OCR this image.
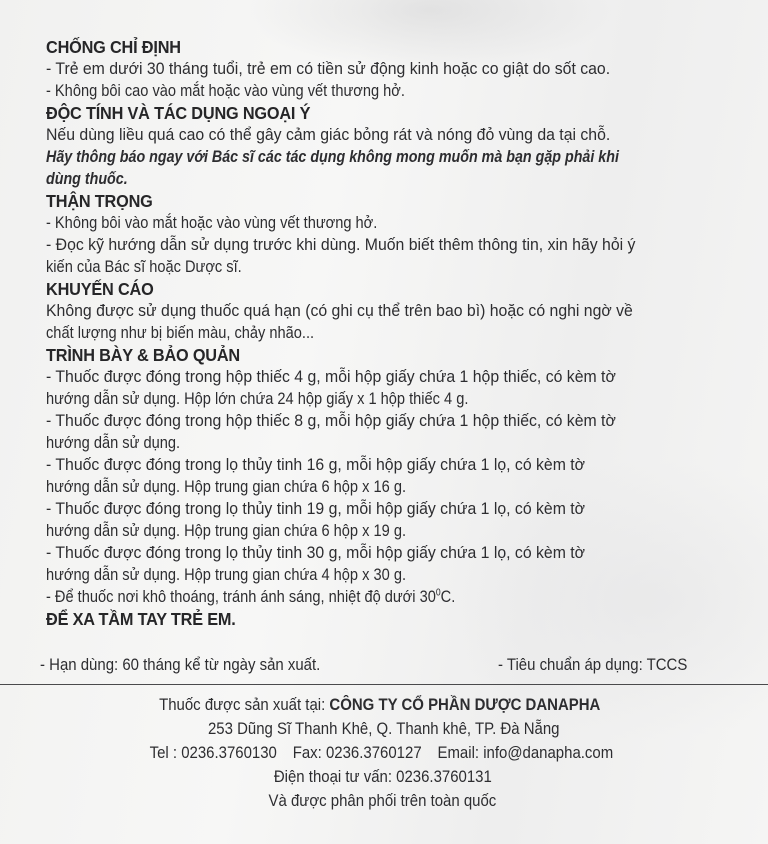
CHỐNG CHỈ ĐỊNH

- Trẻ em dưới 30 tháng tuổi, trẻ em có tiền sử động kinh hoặc co giật do sốt cao.

- Không bôi cao vào mắt hoặc vào vùng vết thương hở.

ĐỘC TÍNH VÀ TÁC DỤNG NGOẠI Ý

Nếu dùng liều quá cao có thể gây cảm giác bỏng rát và nóng đỏ vùng da tại chỗ.

Hãy thông báo ngay với Bác sĩ các tác dụng không mong muốn mà bạn gặp phải khi

dùng thuốc.

THẬN TRỌNG

- Không bôi vào mắt hoặc vào vùng vết thương hở.

- Đọc kỹ hướng dẫn sử dụng trước khi dùng. Muốn biết thêm thông tin, xin hãy hỏi ý

kiến của Bác sĩ hoặc Dược sĩ.

KHUYẾN CÁO

Không được sử dụng thuốc quá hạn (có ghi cụ thể trên bao bì) hoặc có nghi ngờ về

chất lượng như bị biến màu, chảy nhão...

TRÌNH BÀY & BẢO QUẢN

- Thuốc được đóng trong hộp thiếc 4 g, mỗi hộp giấy chứa 1 hộp thiếc, có kèm tờ

hướng dẫn sử dụng. Hộp lớn chứa 24 hộp giấy x 1 hộp thiếc 4 g.

- Thuốc được đóng trong hộp thiếc 8 g, mỗi hộp giấy chứa 1 hộp thiếc, có kèm tờ

hướng dẫn sử dụng.

- Thuốc được đóng trong lọ thủy tinh 16 g, mỗi hộp giấy chứa 1 lọ, có kèm tờ

hướng dẫn sử dụng. Hộp trung gian chứa 6 hộp x 16 g.

- Thuốc được đóng trong lọ thủy tinh 19 g, mỗi hộp giấy chứa 1 lọ, có kèm tờ

hướng dẫn sử dụng. Hộp trung gian chứa 6 hộp x 19 g.

- Thuốc được đóng trong lọ thủy tinh 30 g, mỗi hộp giấy chứa 1 lọ, có kèm tờ

hướng dẫn sử dụng. Hộp trung gian chứa 4 hộp x 30 g.

- Để thuốc nơi khô thoáng, tránh ánh sáng, nhiệt độ dưới $30^0C$.

ĐỂ XA TẦM TAY TRẺ EM.

- Hạn dùng: 60 tháng kể từ ngày sản xuất.	- Tiêu chuẩn áp dụng: TCCS
Thuốc được sản xuất tại: CÔNG TY CỔ PHẦN DƯỢC DANAPHA
253 Dũng Sĩ Thanh Khê, Q. Thanh khê, TP. Đà Nẵng
Tel : 0236.3760130 Fax: 0236.3760127 Email: info@danapha.com
Điện thoại tư vấn: 0236.3760131
Và được phân phối trên toàn quốc
